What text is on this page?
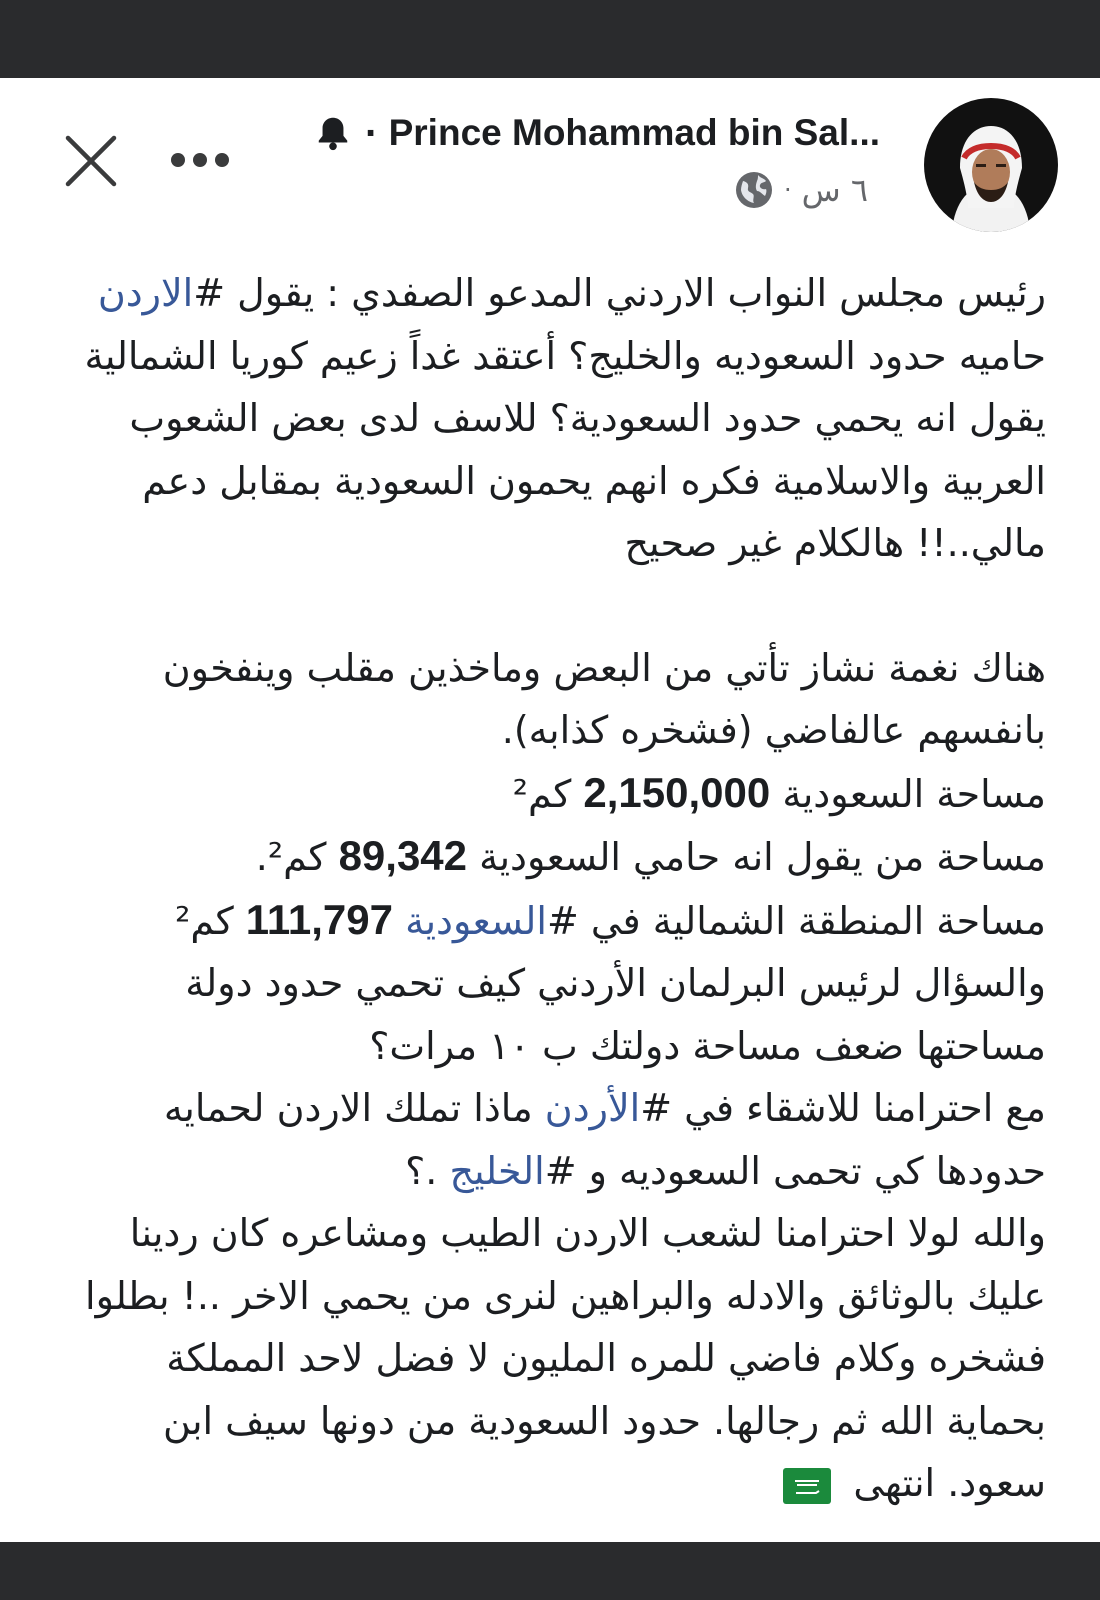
· Prince Mohammad bin Sal...
· ٦ س

رئيس مجلس النواب الاردني المدعو الصفدي : يقول #الاردن حاميه حدود السعوديه والخليج؟ أعتقد غداً زعيم كوريا الشمالية يقول انه يحمي حدود السعودية؟ للاسف لدى بعض الشعوب العربية والاسلامية فكره انهم يحمون السعودية بمقابل دعم مالي..!! هالكلام غير صحيح

هناك نغمة نشاز تأتي من البعض وماخذين مقلب وينفخون بانفسهم عالفاضي (فشخره كذابه).

مساحة السعودية 2,150,000 كم²

مساحة من يقول انه حامي السعودية 89,342 كم².

مساحة المنطقة الشمالية في #السعودية 111,797 كم²

والسؤال لرئيس البرلمان الأردني كيف تحمي حدود دولة مساحتها ضعف مساحة دولتك ب ١٠ مرات؟

مع احترامنا للاشقاء في #الأردن ماذا تملك الاردن لحمايه حدودها كي تحمى السعوديه و #الخليج .؟

والله لولا احترامنا لشعب الاردن الطيب ومشاعره كان ردينا عليك بالوثائق والادله والبراهين لنرى من يحمي الاخر ..! بطلوا فشخره وكلام فاضي للمره المليون لا فضل لاحد المملكة بحماية الله ثم رجالها. حدود السعودية من دونها سيف ابن سعود. انتهى
